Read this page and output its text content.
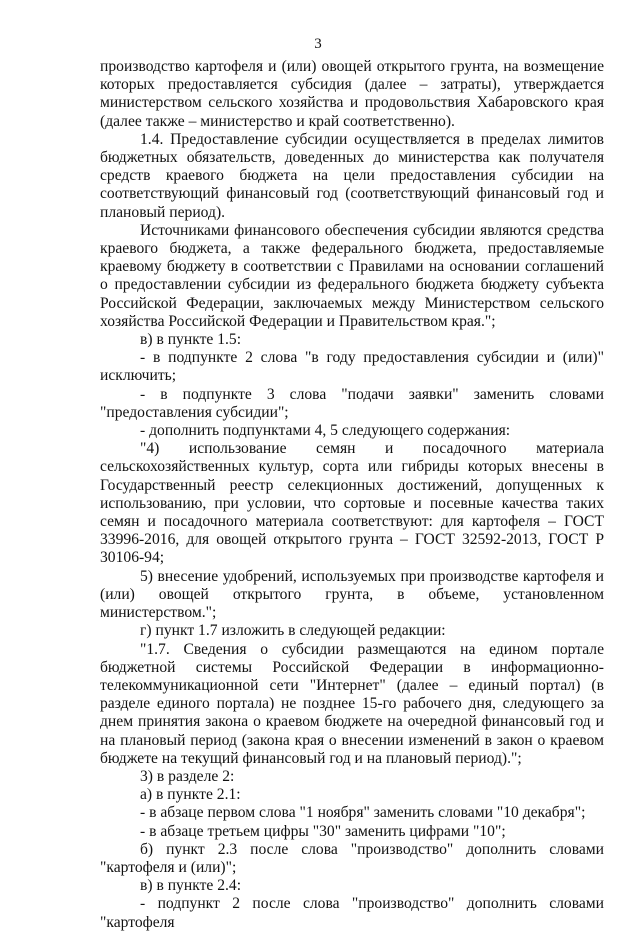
3

производство картофеля и (или) овощей открытого грунта, на возмещение которых предоставляется субсидия (далее – затраты), утверждается министерством сельского хозяйства и продовольствия Хабаровского края (далее также – министерство и край соответственно).

1.4. Предоставление субсидии осуществляется в пределах лимитов бюджетных обязательств, доведенных до министерства как получателя средств краевого бюджета на цели предоставления субсидии на соответствующий финансовый год (соответствующий финансовый год и плановый период).

Источниками финансового обеспечения субсидии являются средства краевого бюджета, а также федерального бюджета, предоставляемые краевому бюджету в соответствии с Правилами на основании соглашений о предоставлении субсидии из федерального бюджета бюджету субъекта Российской Федерации, заключаемых между Министерством сельского хозяйства Российской Федерации и Правительством края.";

в) в пункте 1.5:

- в подпункте 2 слова "в году предоставления субсидии и (или)" исключить;

- в подпункте 3 слова "подачи заявки" заменить словами "предоставления субсидии";

- дополнить подпунктами 4, 5 следующего содержания:

"4) использование семян и посадочного материала сельскохозяйственных культур, сорта или гибриды которых внесены в Государственный реестр селекционных достижений, допущенных к использованию, при условии, что сортовые и посевные качества таких семян и посадочного материала соответствуют: для картофеля – ГОСТ 33996-2016, для овощей открытого грунта – ГОСТ 32592-2013, ГОСТ Р 30106-94;

5) внесение удобрений, используемых при производстве картофеля и (или) овощей открытого грунта, в объеме, установленном министерством.";

г) пункт 1.7 изложить в следующей редакции:

"1.7. Сведения о субсидии размещаются на едином портале бюджетной системы Российской Федерации в информационно-телекоммуникационной сети "Интернет" (далее – единый портал) (в разделе единого портала) не позднее 15-го рабочего дня, следующего за днем принятия закона о краевом бюджете на очередной финансовый год и на плановый период (закона края о внесении изменений в закон о краевом бюджете на текущий финансовый год и на плановый период).";

3) в разделе 2:

а) в пункте 2.1:

- в абзаце первом слова "1 ноября" заменить словами "10 декабря";

- в абзаце третьем цифры "30" заменить цифрами "10";

б) пункт 2.3 после слова "производство" дополнить словами "картофеля и (или)";

в) в пункте 2.4:

- подпункт 2 после слова "производство" дополнить словами "картофеля
